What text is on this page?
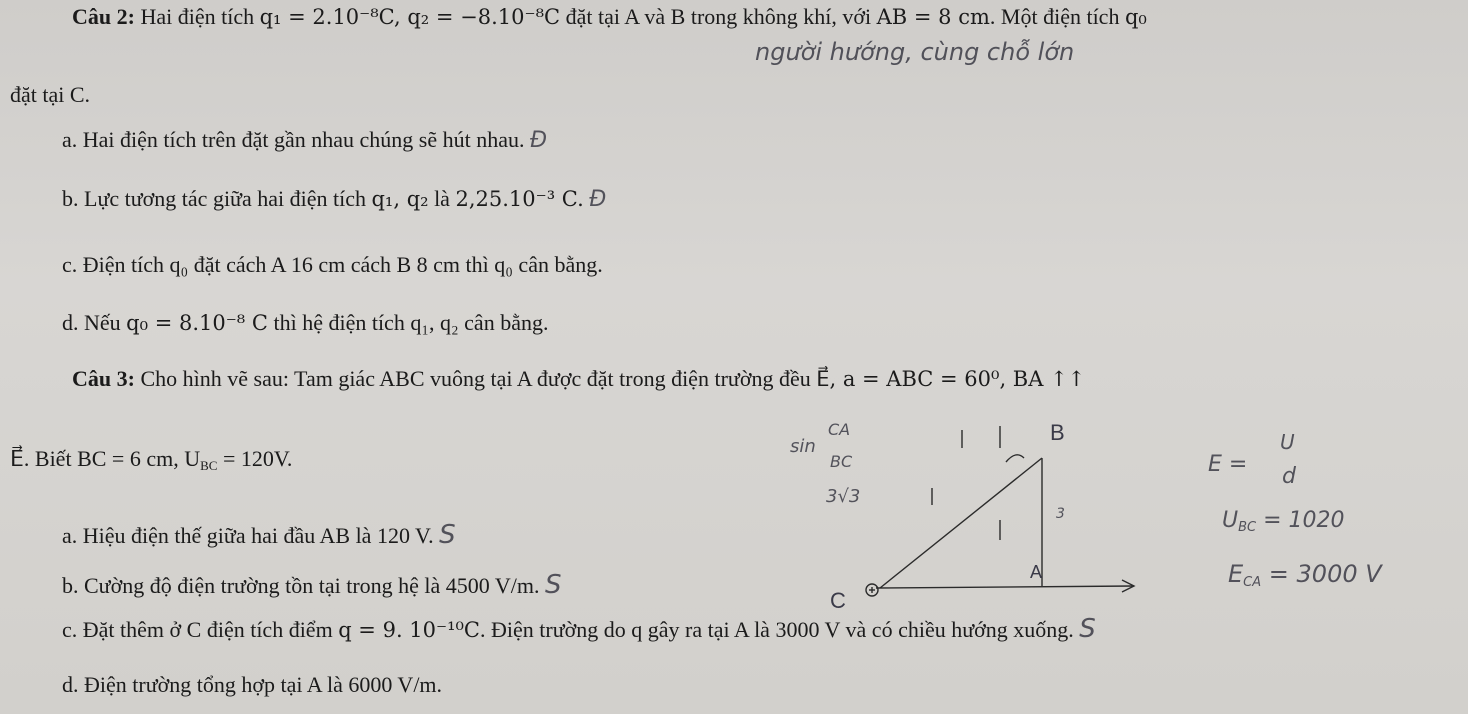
Câu 2: Hai điện tích q₁ = 2.10⁻⁸C, q₂ = −8.10⁻⁸C đặt tại A và B trong không khí, với AB = 8 cm. Một điện tích q₀
đặt tại C.
người hướng, cùng chỗ lớn
a. Hai điện tích trên đặt gần nhau chúng sẽ hút nhau. Đ
b. Lực tương tác giữa hai điện tích q₁, q₂ là 2,25.10⁻³ C. Đ
c. Điện tích q₀ đặt cách A 16 cm cách B 8 cm thì q₀ cân bằng.
d. Nếu q₀ = 8.10⁻⁸ C thì hệ điện tích q₁, q₂ cân bằng.
Câu 3: Cho hình vẽ sau: Tam giác ABC vuông tại A được đặt trong điện trường đều E⃗, a = ABC = 60⁰, BA ↑↑
E⃗. Biết BC = 6 cm, $U_{BC} = 120V$.
a. Hiệu điện thế giữa hai đầu AB là 120 V. S
b. Cường độ điện trường tồn tại trong hệ là 4500 V/m. S
c. Đặt thêm ở C điện tích điểm q = 9. 10⁻¹⁰C. Điện trường do q gây ra tại A là 3000 V và có chiều hướng xuống. S
d. Điện trường tổng hợp tại A là 6000 V/m.
B
A
C
sin
CA
BC
3√3
3
E =
U
d
$U_{BC} = 1020$
$E_{CA} = 3000$ V
